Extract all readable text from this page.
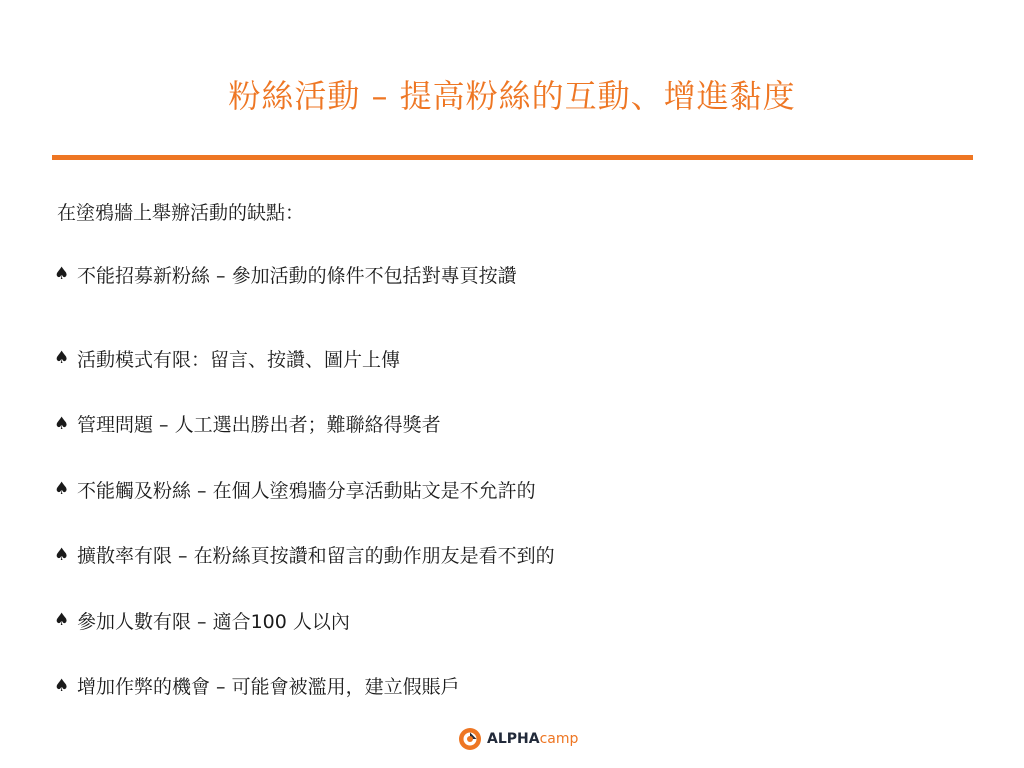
粉絲活動 – 提高粉絲的互動、增進黏度
在塗鴉牆上舉辦活動的缺點：
♠ 不能招募新粉絲 – 參加活動的條件不包括對專頁按讚
♠ 活動模式有限：留言、按讚、圖片上傳
♠ 管理問題 – 人工選出勝出者；難聯絡得獎者
♠ 不能觸及粉絲 – 在個人塗鴉牆分享活動貼文是不允許的
♠ 擴散率有限 – 在粉絲頁按讚和留言的動作朋友是看不到的
♠ 參加人數有限 – 適合100 人以內
♠ 增加作弊的機會 – 可能會被濫用，建立假賬戶
ALPHAcamp
